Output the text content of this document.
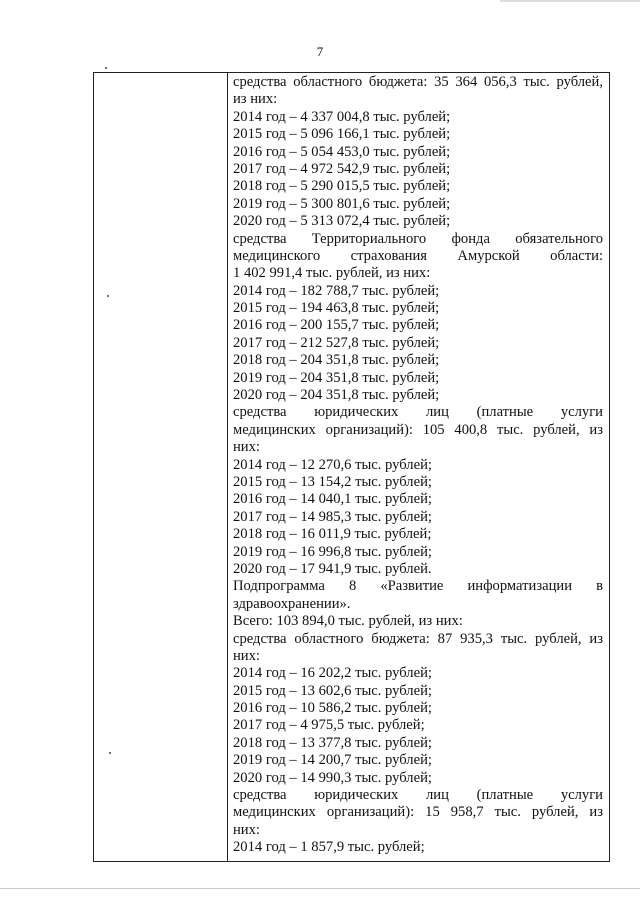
7
средства областного бюджета: 35 364 056,3 тыс. рублей,
из них:
2014 год – 4 337 004,8 тыс. рублей;
2015 год – 5 096 166,1 тыс. рублей;
2016 год – 5 054 453,0 тыс. рублей;
2017 год – 4 972 542,9 тыс. рублей;
2018 год – 5 290 015,5 тыс. рублей;
2019 год – 5 300 801,6 тыс. рублей;
2020 год – 5 313 072,4 тыс. рублей;
средства Территориального фонда обязательного
медицинского страхования Амурской области:
1 402 991,4 тыс. рублей, из них:
2014 год – 182 788,7 тыс. рублей;
2015 год – 194 463,8 тыс. рублей;
2016 год – 200 155,7 тыс. рублей;
2017 год – 212 527,8 тыс. рублей;
2018 год – 204 351,8 тыс. рублей;
2019 год – 204 351,8 тыс. рублей;
2020 год – 204 351,8 тыс. рублей;
средства юридических лиц (платные услуги
медицинских организаций): 105 400,8 тыс. рублей, из
них:
2014 год – 12 270,6 тыс. рублей;
2015 год – 13 154,2 тыс. рублей;
2016 год – 14 040,1 тыс. рублей;
2017 год – 14 985,3 тыс. рублей;
2018 год – 16 011,9 тыс. рублей;
2019 год – 16 996,8 тыс. рублей;
2020 год – 17 941,9 тыс. рублей.
Подпрограмма 8 «Развитие информатизации в
здравоохранении».
Всего: 103 894,0 тыс. рублей, из них:
средства областного бюджета: 87 935,3 тыс. рублей, из
них:
2014 год – 16 202,2 тыс. рублей;
2015 год – 13 602,6 тыс. рублей;
2016 год – 10 586,2 тыс. рублей;
2017 год – 4 975,5 тыс. рублей;
2018 год – 13 377,8 тыс. рублей;
2019 год – 14 200,7 тыс. рублей;
2020 год – 14 990,3 тыс. рублей;
средства юридических лиц (платные услуги
медицинских организаций): 15 958,7 тыс. рублей, из
них:
2014 год – 1 857,9 тыс. рублей;
